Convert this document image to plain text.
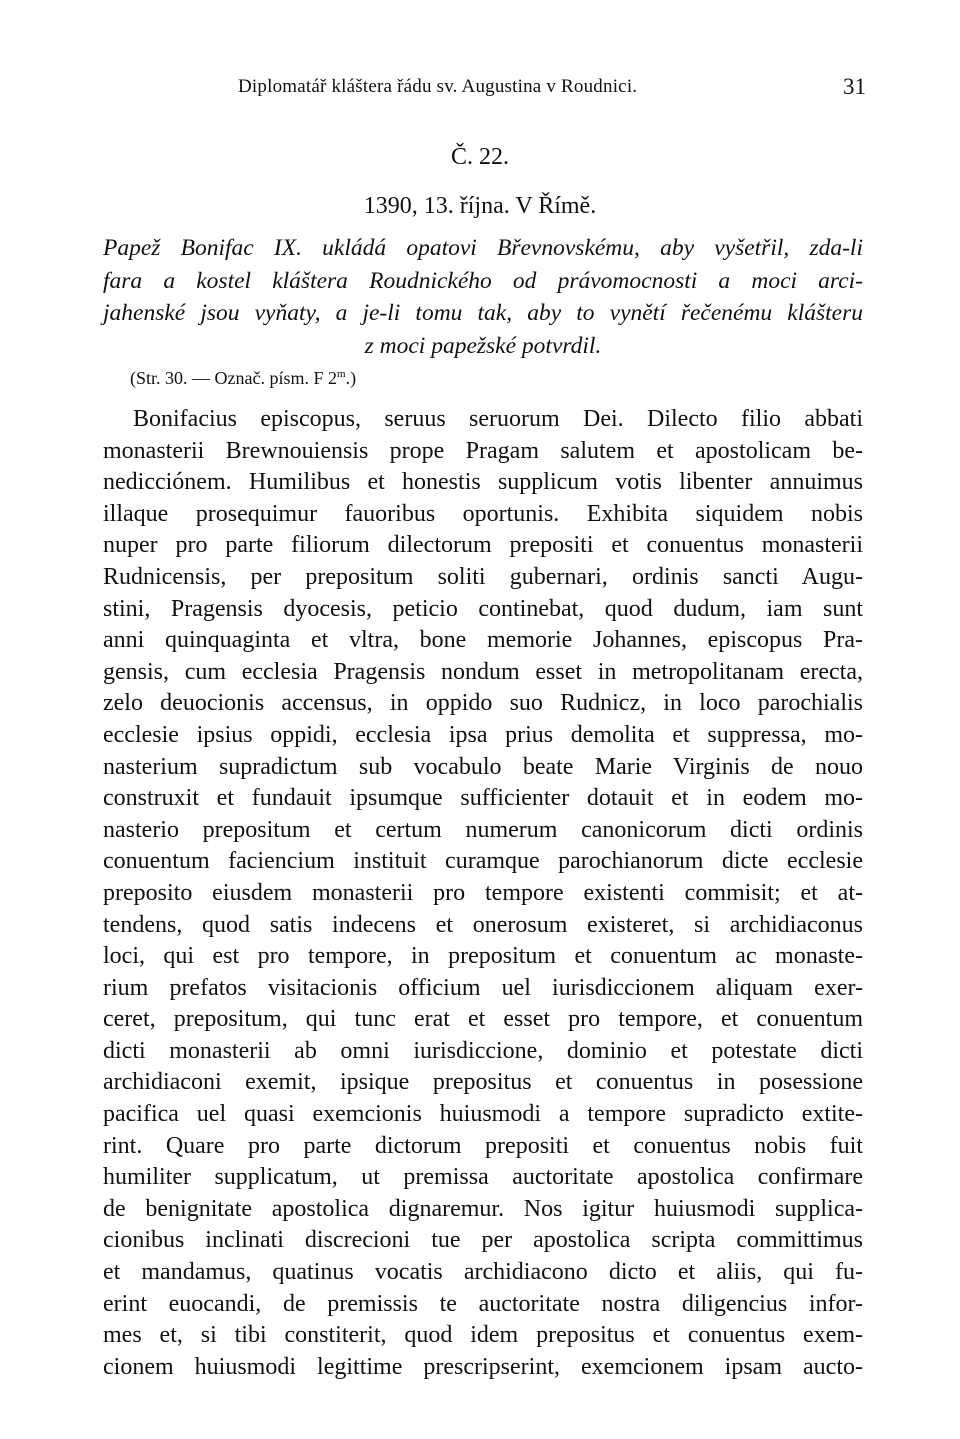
Diplomatář kláštera řádu sv. Augustina v Roudnici.	31
Č. 22.
1390, 13. října. V Římě.
Papež Bonifac IX. ukládá opatovi Břevnovskému, aby vyšetřil, zda-li
fara a kostel kláštera Roudnického od právomocnosti a moci arci-
jahenské jsou vyňaty, a je-li tomu tak, aby to vynětí řečenému klášteru
z moci papežské potvrdil.
(Str. 30. — Označ. písm. F 2$^m$.)
Bonifacius episcopus, seruus seruorum Dei. Dilecto filio abbati
monasterii Brewnouiensis prope Pragam salutem et apostolicam be-
nedicciónem. Humilibus et honestis supplicum votis libenter annuimus
illaque prosequimur fauoribus oportunis. Exhibita siquidem nobis
nuper pro parte filiorum dilectorum prepositi et conuentus monasterii
Rudnicensis, per prepositum soliti gubernari, ordinis sancti Augu-
stini, Pragensis dyocesis, peticio continebat, quod dudum, iam sunt
anni quinquaginta et vltra, bone memorie Johannes, episcopus Pra-
gensis, cum ecclesia Pragensis nondum esset in metropolitanam erecta,
zelo deuocionis accensus, in oppido suo Rudnicz, in loco parochialis
ecclesie ipsius oppidi, ecclesia ipsa prius demolita et suppressa, mo-
nasterium supradictum sub vocabulo beate Marie Virginis de nouo
construxit et fundauit ipsumque sufficienter dotauit et in eodem mo-
nasterio prepositum et certum numerum canonicorum dicti ordinis
conuentum faciencium instituit curamque parochianorum dicte ecclesie
preposito eiusdem monasterii pro tempore existenti commisit; et at-
tendens, quod satis indecens et onerosum existeret, si archidiaconus
loci, qui est pro tempore, in prepositum et conuentum ac monaste-
rium prefatos visitacionis officium uel iurisdiccionem aliquam exer-
ceret, prepositum, qui tunc erat et esset pro tempore, et conuentum
dicti monasterii ab omni iurisdiccione, dominio et potestate dicti
archidiaconi exemit, ipsique prepositus et conuentus in posessione
pacifica uel quasi exemcionis huiusmodi a tempore supradicto extite-
rint. Quare pro parte dictorum prepositi et conuentus nobis fuit
humiliter supplicatum, ut premissa auctoritate apostolica confirmare
de benignitate apostolica dignaremur. Nos igitur huiusmodi supplica-
cionibus inclinati discrecioni tue per apostolica scripta committimus
et mandamus, quatinus vocatis archidiacono dicto et aliis, qui fu-
erint euocandi, de premissis te auctoritate nostra diligencius infor-
mes et, si tibi constiterit, quod idem prepositus et conuentus exem-
cionem huiusmodi legittime prescripserint, exemcionem ipsam aucto-
